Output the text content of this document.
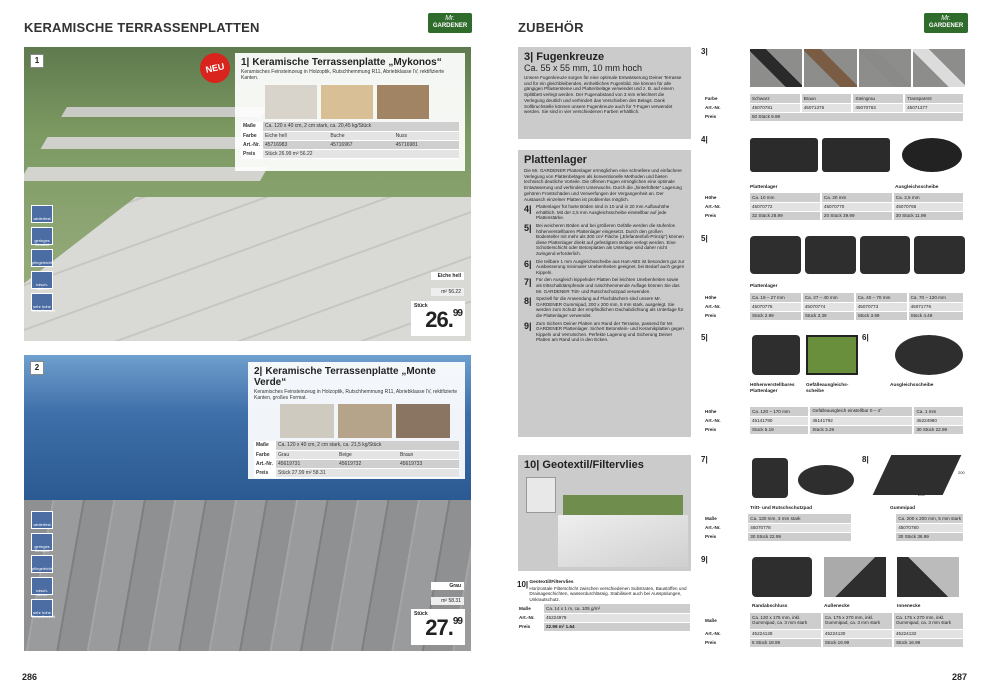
KERAMISCHE TERRASSENPLATTEN
Mr.
GARDENER
1
NEU	1| Keramische Terrassenplatte „Mykonos“

Keramisches Feinsteinzeug in Holzoptik, Rutschhemmung R11, Abriebklasse IV, rektifizierte Kanten.

Maße	Ca. 120 x 40 cm, 2 cm stark, ca. 20,45 kg/Stück		
Farbe	Eiche hell	Buche	Nuss
Art.-Nr.	45716983	45716967	45716981
Preis	Stück 26.99 m² 56.22		
winterfest
geringes Gewicht
pflegeleicht
rutsch-sicher
sehr hohe Belastbarkeit
Eiche hell
m² 56.22
Stück
26.99
2	2| Keramische Terrassenplatte „Monte Verde“

Keramisches Feinsteinzeug in Holzoptik, Rutschhemmung R11, Abriebklasse IV, rektifizierte Kanten, großes Format.

Maße	Ca. 120 x 40 cm, 2 cm stark, ca. 21,5 kg/Stück		
Farbe	Grau	Beige	Braun
Art.-Nr.	45619731	45619732	45619733
Preis	Stück 27.99 m² 58.31		
winterfest
geringes Gewicht
pflegeleicht
rutsch-sicher
sehr hohe Belastbarkeit
Grau
m² 58.31
Stück
27.99
286
ZUBEHÖR
Mr.
GARDENER
3| Fugenkreuze
Ca. 55 x 55 mm, 10 mm hoch

Unsere Fugenkreuze sorgen für eine optimale Entwässerung Deiner Terrasse und für ein gleichbleibendes, einheitliches Fugenbild. Sie können für alle gängigen Pflastersteine und Plattenbeläge verwendet und z. B. auf einem Splittbett verlegt werden. Der Fugenabstand von 3 mm erleichtert die Verlegung deutlich und verhindert das Verschieben des Belags. Dank Sollbruchstelle können unsere Fugenkreuze auch für T-Fugen verwendet werden. Sie sind in vier verschiedenen Farben erhältlich.

Plattenlager

Die Mr. GARDENER Plattenlager ermöglichen eine schnellere und einfachere Verlegung von Plattenbelägen als konventionelle Methoden und bieten technisch deutliche Vorteile. Die offenen Fugen ermöglichen eine optimale Entwässerung und verhindern Unterwuchs. Durch die „hinterlüftete“ Lagerung gehören Frostschäden und Verwerfungen der Vergangenheit an. Der Austausch einzelner Platten ist problemlos möglich.

4| Plattenlager für harte Böden sind in 10 und in 20 mm Aufbauhöhe erhältlich. Mit der 2,5 mm Ausgleichsscheibe einstellbar auf jede Plattenstärke.
5| Bei weicheren Böden und bei größeren Gefälle werden die stufenlos höhenverstellbaren Plattenlager eingesetzt. Durch den großen Bodenteller mit mehr als 300 cm² Fläche („Elefantenfuß-Prinzip“) können diese Plattenlager direkt auf gefestigtem Boden verlegt werden. Eine Schotterschicht oder Betonplatten als Unterlage sind daher nicht zwingend erforderlich.
6| Die teilbare 1 mm Ausgleichsscheibe aus Hart-ABS ist besonders gut zur Ausbesserung minimaler Unebenheiten geeignet, bei Bedarf auch gegen Kippeln.
7| Für den Ausgleich kippelnder Platten bei leichten Unebenheiten sowie als trittschalldämpfende und rutschhemmende Auflage können Sie das Mr. GARDENER Tritt- und Rutschschutzpad verwenden.
8| Speziell für die Anwendung auf Flachdächern sind unsere Mr. GARDENER Gummipad, 200 x 200 mm, 5 mm stark, ausgelegt. Sie werden zum Schutz der empfindlichen Dachabdichtung als Unterlage für die Plattenlager verwendet.
9| Zum Sichern Deiner Platten am Rand der Terrasse, passend für Mr. GARDENER Plattenlager. Sichert Betonstein- und Keramikplatten gegen Kippeln und Verrutschen. Perfekte Lagerung und Sicherung Deiner Platten am Rand und in den Ecken.
10| Geotextil/Filtervlies
10| Geotextil/Filtervlies
Horizontale Filterschicht zwischen verschiedenen Substraten, Baustoffen und Drainageschichten, wasserdurchlässig. Stabilisiert auch bei Ausspülungen, Unkrautschutz.
Maße	Ca. 14 x 1 m, ca. 105 g/m²
Art.-Nr.	45224979
Preis	22.99 m² 1.64
3|
Farbe	Schwarz	Braun	Steingrau	Transparent
Art.-Nr.	45070781	45071376	45070763	45071377
Preis	50 Stück 9.99			
4|
Plattenlager	Ausgleichsscheibe
Höhe	Ca. 10 mm	Ca. 20 mm	Ca. 2,5 mm
Art.-Nr.	45070772	45070770	45070768
Preis	32 Stück 28.99	20 Stück 39.99	30 Stück 11.99
5|
Plattenlager
Höhe	Ca. 19 – 27 mm	Ca. 27 – 40 mm	Ca. 40 – 70 mm	Ca. 70 – 120 mm
Art.-Nr.	45070775	45070774	45070773	45071776
Preis	Stück 2.99	Stück 3.39	Stück 3.99	Stück 4.49
5|	6|
Höhenverstellbares Plattenlager
Gefälleausgleichs-scheibe
Ausgleichsscheibe
Höhe	Ca. 120 – 170 mm	Gefälleausgleich einstellbar 0 – 4°	Ca. 1 mm
Art.-Nr.	45141780	45141792	45224980
Preis	Stück 5.19	Stück 3.29	30 Stück 22.99
7|	8|
200
200
Tritt- und Rutschschutzpad	Gummipad
Maße	Ca. 130 mm, 3 mm stark		Ca. 200 x 200 mm, 5 mm stark
Art.-Nr.	45070778		45070780
Preis	30 Stück 22.99		30 Stück 36.99
9|
Randabschluss	Außenecke	Innenecke
Maße	Ca. 120 x 175 mm, inkl. Gummipad, ca. 3 mm stark	Ca. 175 x 270 mm, inkl. Gummipad, ca. 3 mm stark	Ca. 175 x 270 mm, inkl. Gummipad, ca. 3 mm stark
Art.-Nr.	45224128	45224130	45224132
Preis	5 Stück 18.99	Stück 16.99	Stück 16.99
287
